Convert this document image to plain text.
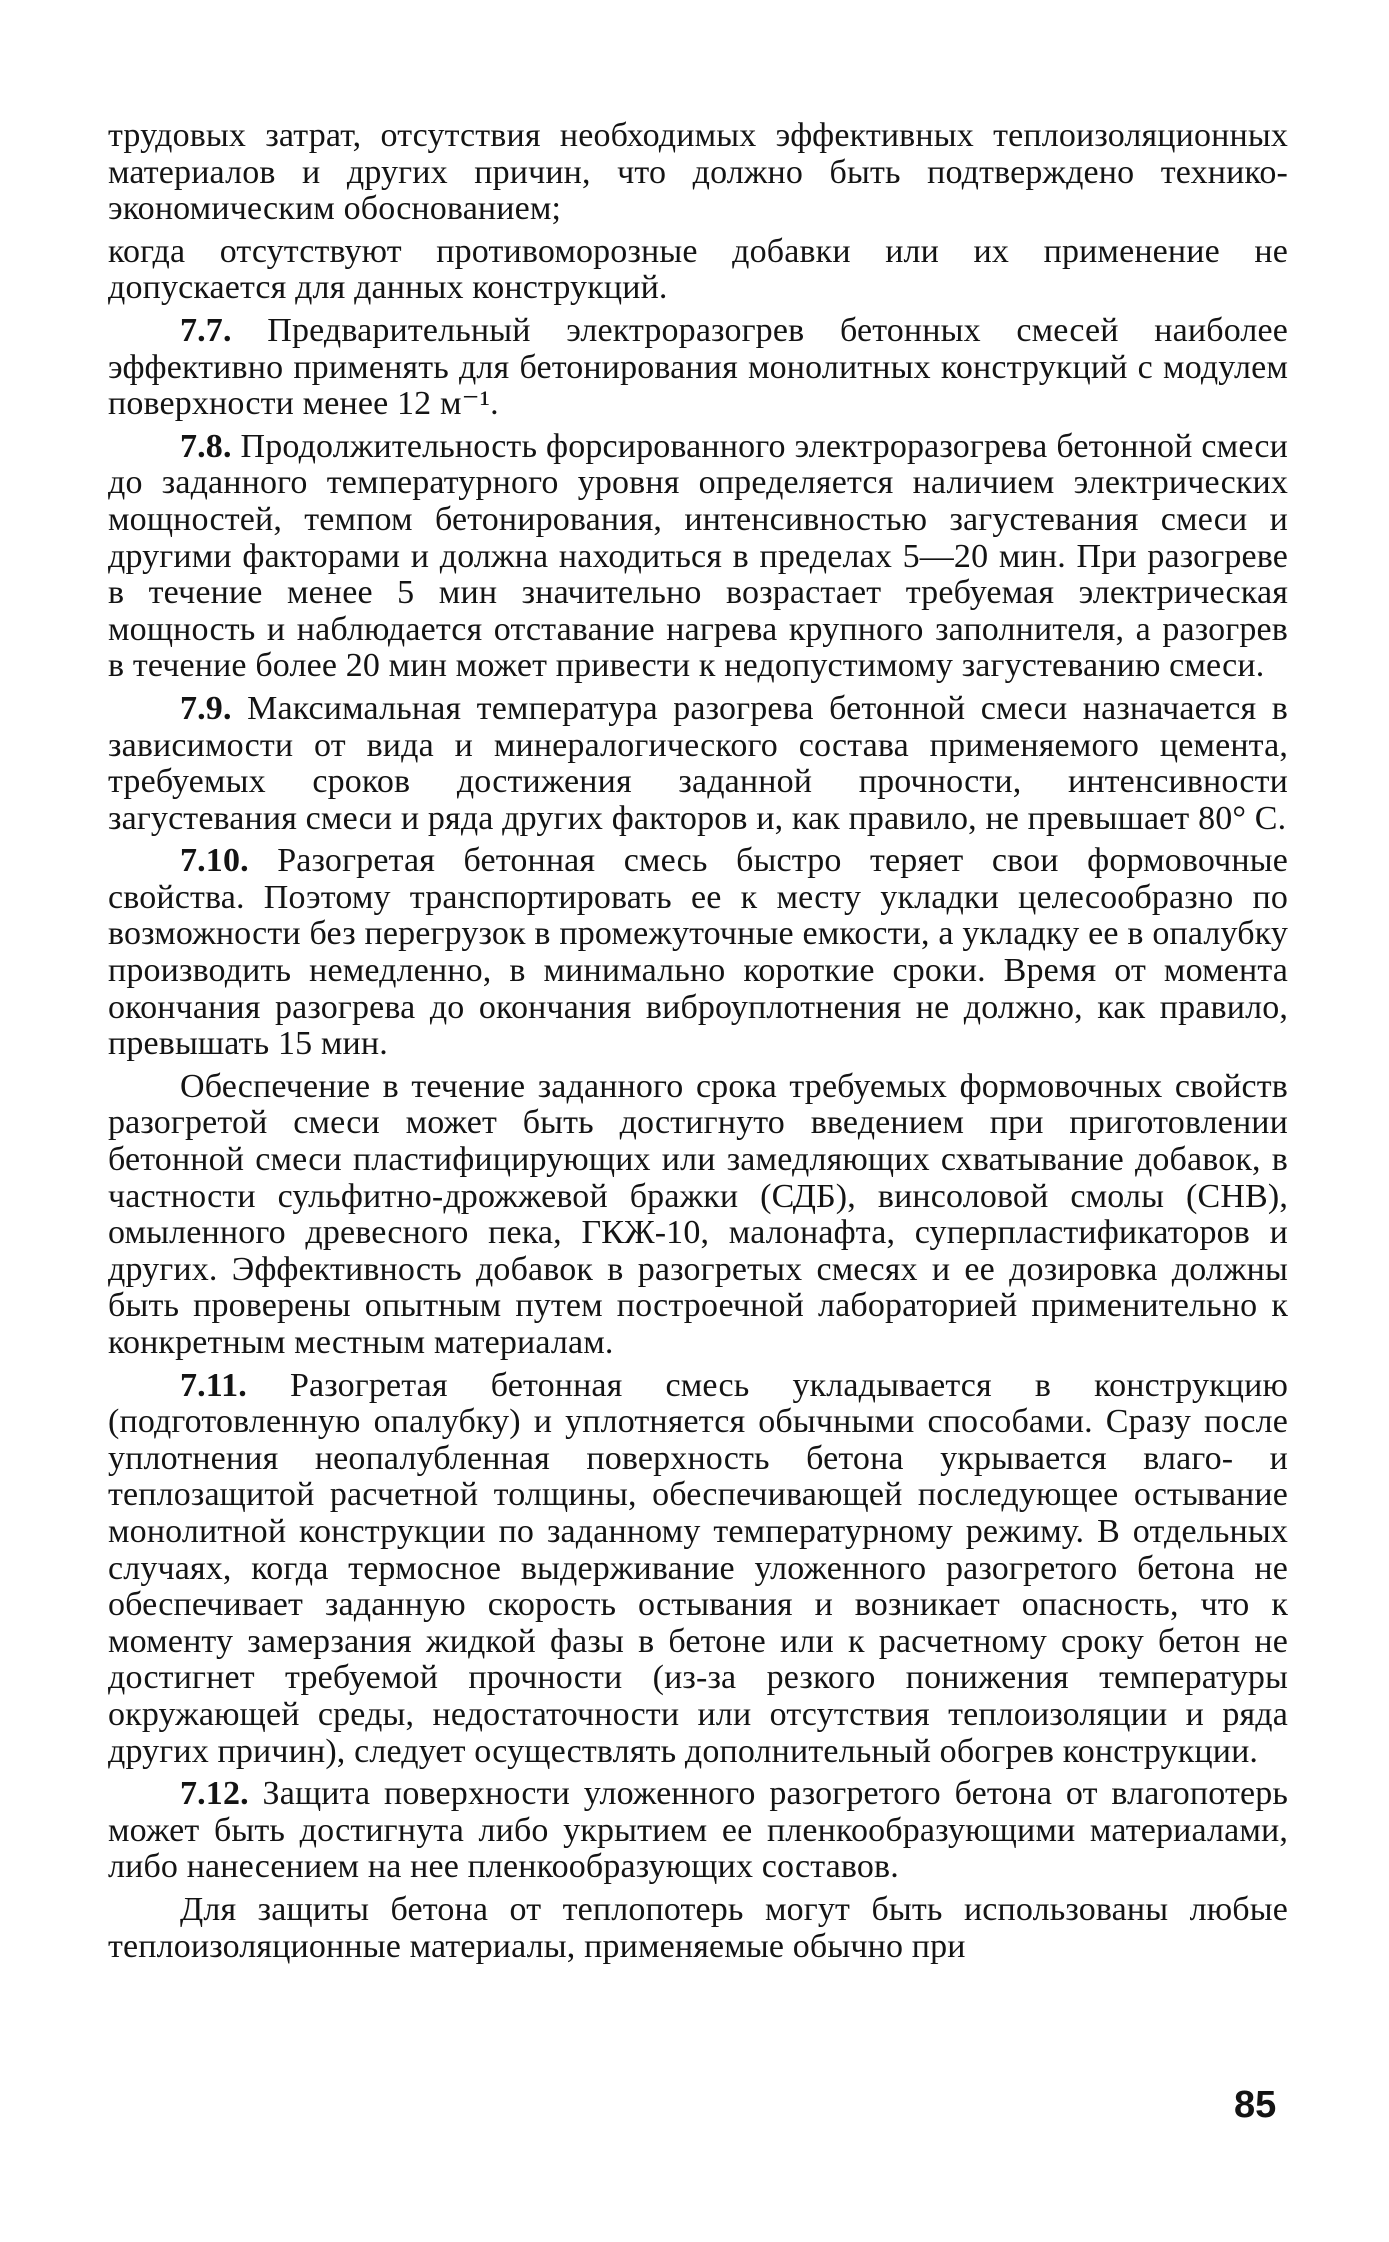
трудовых затрат, отсутствия необходимых эффективных теплоизоляционных материалов и других причин, что должно быть подтверждено технико-экономическим обоснованием;

когда отсутствуют противоморозные добавки или их применение не допускается для данных конструкций.

7.7. Предварительный электроразогрев бетонных смесей наиболее эффективно применять для бетонирования монолитных конструкций с модулем поверхности менее 12 м⁻¹.

7.8. Продолжительность форсированного электроразогрева бетонной смеси до заданного температурного уровня определяется наличием электрических мощностей, темпом бетонирования, интенсивностью загустевания смеси и другими факторами и должна находиться в пределах 5—20 мин. При разогреве в течение менее 5 мин значительно возрастает требуемая электрическая мощность и наблюдается отставание нагрева крупного заполнителя, а разогрев в течение более 20 мин может привести к недопустимому загустеванию смеси.

7.9. Максимальная температура разогрева бетонной смеси назначается в зависимости от вида и минералогического состава применяемого цемента, требуемых сроков достижения заданной прочности, интенсивности загустевания смеси и ряда других факторов и, как правило, не превышает 80° С.

7.10. Разогретая бетонная смесь быстро теряет свои формовочные свойства. Поэтому транспортировать ее к месту укладки целесообразно по возможности без перегрузок в промежуточные емкости, а укладку ее в опалубку производить немедленно, в минимально короткие сроки. Время от момента окончания разогрева до окончания виброуплотнения не должно, как правило, превышать 15 мин.

Обеспечение в течение заданного срока требуемых формовочных свойств разогретой смеси может быть достигнуто введением при приготовлении бетонной смеси пластифицирующих или замедляющих схватывание добавок, в частности сульфитно-дрожжевой бражки (СДБ), винсоловой смолы (СНВ), омыленного древесного пека, ГКЖ-10, малонафта, суперпластификаторов и других. Эффективность добавок в разогретых смесях и ее дозировка должны быть проверены опытным путем построечной лабораторией применительно к конкретным местным материалам.

7.11. Разогретая бетонная смесь укладывается в конструкцию (подготовленную опалубку) и уплотняется обычными способами. Сразу после уплотнения неопалубленная поверхность бетона укрывается влаго- и теплозащитой расчетной толщины, обеспечивающей последующее остывание монолитной конструкции по заданному температурному режиму. В отдельных случаях, когда термосное выдерживание уложенного разогретого бетона не обеспечивает заданную скорость остывания и возникает опасность, что к моменту замерзания жидкой фазы в бетоне или к расчетному сроку бетон не достигнет требуемой прочности (из-за резкого понижения температуры окружающей среды, недостаточности или отсутствия теплоизоляции и ряда других причин), следует осуществлять дополнительный обогрев конструкции.

7.12. Защита поверхности уложенного разогретого бетона от влагопотерь может быть достигнута либо укрытием ее пленкообразующими материалами, либо нанесением на нее пленкообразующих составов.

Для защиты бетона от теплопотерь могут быть использованы любые теплоизоляционные материалы, применяемые обычно при

85
